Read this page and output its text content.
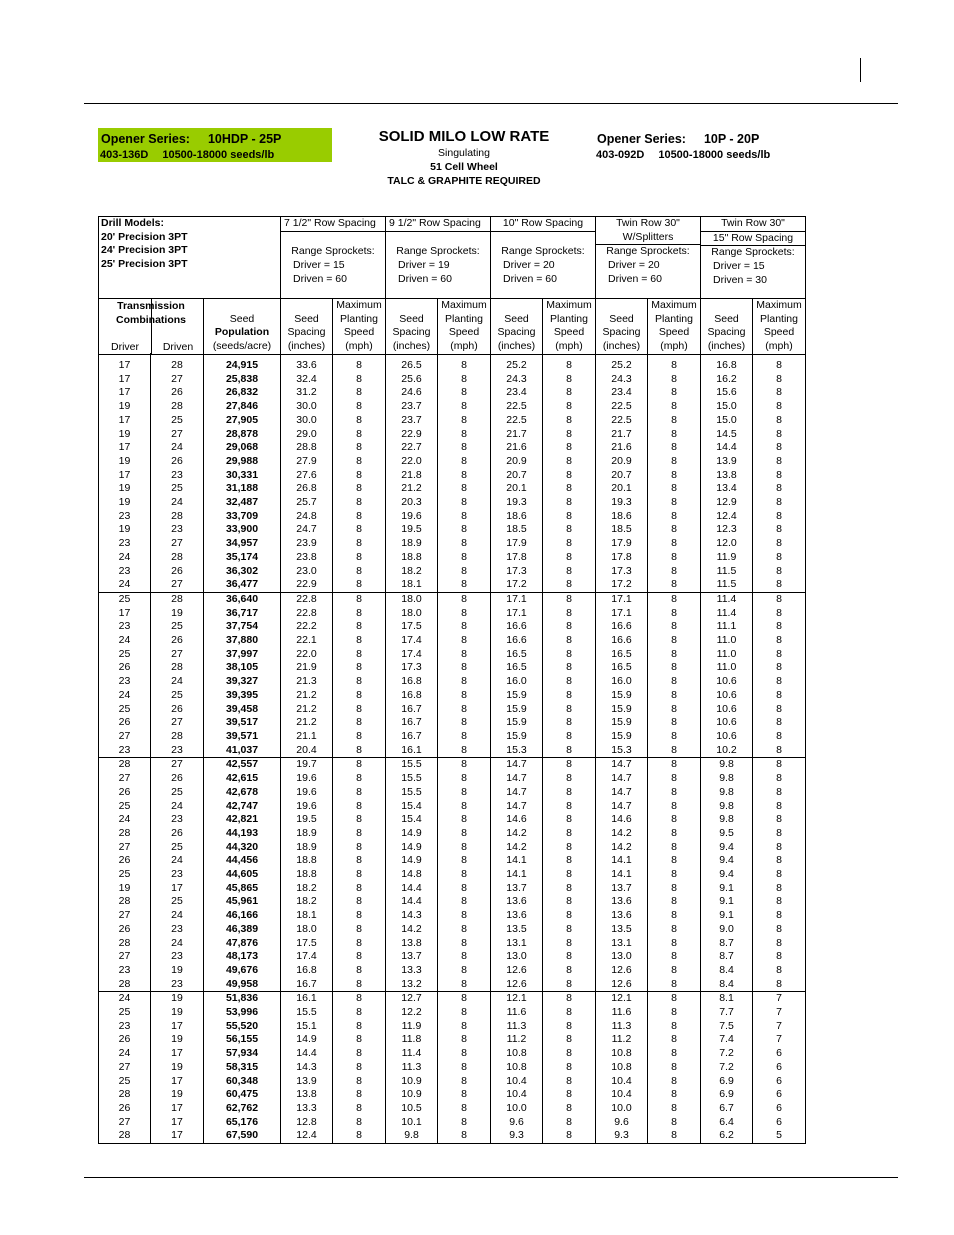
Opener Series: 10HDP - 25P
403-136D 10500-18000 seeds/lb
SOLID MILO LOW RATE
Singulating
51 Cell Wheel
TALC & GRAPHITE REQUIRED
Opener Series: 10P - 20P
403-092D 10500-18000 seeds/lb
Drill Models:
20' Precision 3PT
24' Precision 3PT
25' Precision 3PT

7 1/2" Row Spacing
Range Sprockets:
Driver = 15
Driven = 60

9 1/2" Row Spacing
Range Sprockets:
Driver = 19
Driven = 60

10" Row Spacing
Range Sprockets:
Driver = 20
Driven = 60

Twin Row 30"
W/Splitters
Range Sprockets:
Driver = 20
Driven = 60

Twin Row 30"
15" Row Spacing
Range Sprockets:
Driver = 15
Driven = 30
Transmission
Combinations
Driver	Driven

Seed
Population
(seeds/acre)

Seed
Spacing
(inches)

Maximum
Planting
Speed
(mph)

Seed
Spacing
(inches)

Maximum
Planting
Speed
(mph)

Seed
Spacing
(inches)

Maximum
Planting
Speed
(mph)

Seed
Spacing
(inches)

Maximum
Planting
Speed
(mph)

Seed
Spacing
(inches)

Maximum
Planting
Speed
(mph)
17	28	24,915	33.6	8	26.5	8	25.2	8	25.2	8	16.8	8
17	27	25,838	32.4	8	25.6	8	24.3	8	24.3	8	16.2	8
17	26	26,832	31.2	8	24.6	8	23.4	8	23.4	8	15.6	8
19	28	27,846	30.0	8	23.7	8	22.5	8	22.5	8	15.0	8
17	25	27,905	30.0	8	23.7	8	22.5	8	22.5	8	15.0	8
19	27	28,878	29.0	8	22.9	8	21.7	8	21.7	8	14.5	8
17	24	29,068	28.8	8	22.7	8	21.6	8	21.6	8	14.4	8
19	26	29,988	27.9	8	22.0	8	20.9	8	20.9	8	13.9	8
17	23	30,331	27.6	8	21.8	8	20.7	8	20.7	8	13.8	8
19	25	31,188	26.8	8	21.2	8	20.1	8	20.1	8	13.4	8
19	24	32,487	25.7	8	20.3	8	19.3	8	19.3	8	12.9	8
23	28	33,709	24.8	8	19.6	8	18.6	8	18.6	8	12.4	8
19	23	33,900	24.7	8	19.5	8	18.5	8	18.5	8	12.3	8
23	27	34,957	23.9	8	18.9	8	17.9	8	17.9	8	12.0	8
24	28	35,174	23.8	8	18.8	8	17.8	8	17.8	8	11.9	8
23	26	36,302	23.0	8	18.2	8	17.3	8	17.3	8	11.5	8
24	27	36,477	22.9	8	18.1	8	17.2	8	17.2	8	11.5	8
25	28	36,640	22.8	8	18.0	8	17.1	8	17.1	8	11.4	8
17	19	36,717	22.8	8	18.0	8	17.1	8	17.1	8	11.4	8
23	25	37,754	22.2	8	17.5	8	16.6	8	16.6	8	11.1	8
24	26	37,880	22.1	8	17.4	8	16.6	8	16.6	8	11.0	8
25	27	37,997	22.0	8	17.4	8	16.5	8	16.5	8	11.0	8
26	28	38,105	21.9	8	17.3	8	16.5	8	16.5	8	11.0	8
23	24	39,327	21.3	8	16.8	8	16.0	8	16.0	8	10.6	8
24	25	39,395	21.2	8	16.8	8	15.9	8	15.9	8	10.6	8
25	26	39,458	21.2	8	16.7	8	15.9	8	15.9	8	10.6	8
26	27	39,517	21.2	8	16.7	8	15.9	8	15.9	8	10.6	8
27	28	39,571	21.1	8	16.7	8	15.9	8	15.9	8	10.6	8
23	23	41,037	20.4	8	16.1	8	15.3	8	15.3	8	10.2	8
28	27	42,557	19.7	8	15.5	8	14.7	8	14.7	8	9.8	8
27	26	42,615	19.6	8	15.5	8	14.7	8	14.7	8	9.8	8
26	25	42,678	19.6	8	15.5	8	14.7	8	14.7	8	9.8	8
25	24	42,747	19.6	8	15.4	8	14.7	8	14.7	8	9.8	8
24	23	42,821	19.5	8	15.4	8	14.6	8	14.6	8	9.8	8
28	26	44,193	18.9	8	14.9	8	14.2	8	14.2	8	9.5	8
27	25	44,320	18.9	8	14.9	8	14.2	8	14.2	8	9.4	8
26	24	44,456	18.8	8	14.9	8	14.1	8	14.1	8	9.4	8
25	23	44,605	18.8	8	14.8	8	14.1	8	14.1	8	9.4	8
19	17	45,865	18.2	8	14.4	8	13.7	8	13.7	8	9.1	8
28	25	45,961	18.2	8	14.4	8	13.6	8	13.6	8	9.1	8
27	24	46,166	18.1	8	14.3	8	13.6	8	13.6	8	9.1	8
26	23	46,389	18.0	8	14.2	8	13.5	8	13.5	8	9.0	8
28	24	47,876	17.5	8	13.8	8	13.1	8	13.1	8	8.7	8
27	23	48,173	17.4	8	13.7	8	13.0	8	13.0	8	8.7	8
23	19	49,676	16.8	8	13.3	8	12.6	8	12.6	8	8.4	8
28	23	49,958	16.7	8	13.2	8	12.6	8	12.6	8	8.4	8
24	19	51,836	16.1	8	12.7	8	12.1	8	12.1	8	8.1	7
25	19	53,996	15.5	8	12.2	8	11.6	8	11.6	8	7.7	7
23	17	55,520	15.1	8	11.9	8	11.3	8	11.3	8	7.5	7
26	19	56,155	14.9	8	11.8	8	11.2	8	11.2	8	7.4	7
24	17	57,934	14.4	8	11.4	8	10.8	8	10.8	8	7.2	6
27	19	58,315	14.3	8	11.3	8	10.8	8	10.8	8	7.2	6
25	17	60,348	13.9	8	10.9	8	10.4	8	10.4	8	6.9	6
28	19	60,475	13.8	8	10.9	8	10.4	8	10.4	8	6.9	6
26	17	62,762	13.3	8	10.5	8	10.0	8	10.0	8	6.7	6
27	17	65,176	12.8	8	10.1	8	9.6	8	9.6	8	6.4	6
28	17	67,590	12.4	8	9.8	8	9.3	8	9.3	8	6.2	5
